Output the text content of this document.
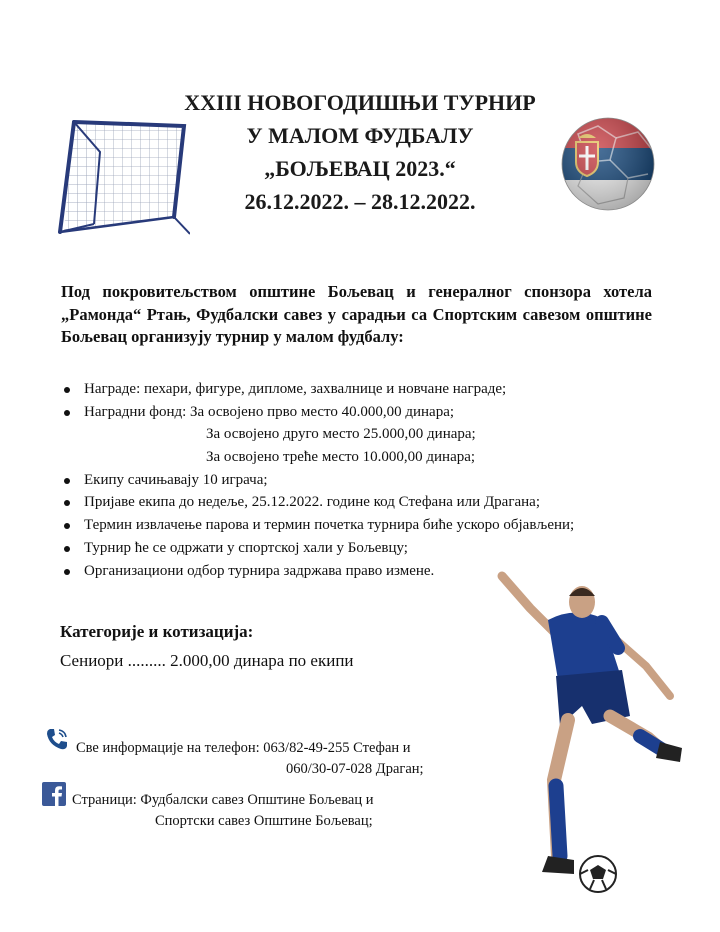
XXIII НОВОГОДИШЊИ ТУРНИР
У МАЛОМ ФУДБАЛУ
„БОЉЕВАЦ 2023.“
26.12.2022. – 28.12.2022.
Под покровитељством општине Бољевац и генералног спонзора хотела „Рамонда“ Ртањ, Фудбалски савез у сарадњи са Спортским савезом општине Бољевац организују турнир у малом фудбалу:
Награде: пехари, фигуре, дипломе, захвалнице и новчане награде;
Наградни фонд: За освојено прво место 40.000,00 динара;
За освојено друго место 25.000,00 динара;
За освојено треће место 10.000,00 динара;
Екипу сачињавају 10 играча;
Пријаве екипа до недеље, 25.12.2022. године код Стефана или Драгана;
Термин извлачење парова и термин почетка турнира биће ускоро објављени;
Турнир ће се одржати у спортској хали у Бољевцу;
Организациони одбор турнира задржава право измене.
Категорије и котизација:
Сениори ......... 2.000,00 динара по екипи
Све информације на телефон: 063/82-49-255 Стефан и
060/30-07-028 Драган;
Страници: Фудбалски савез Општине Бољевац и
Спортски савез Општине Бољевац;
